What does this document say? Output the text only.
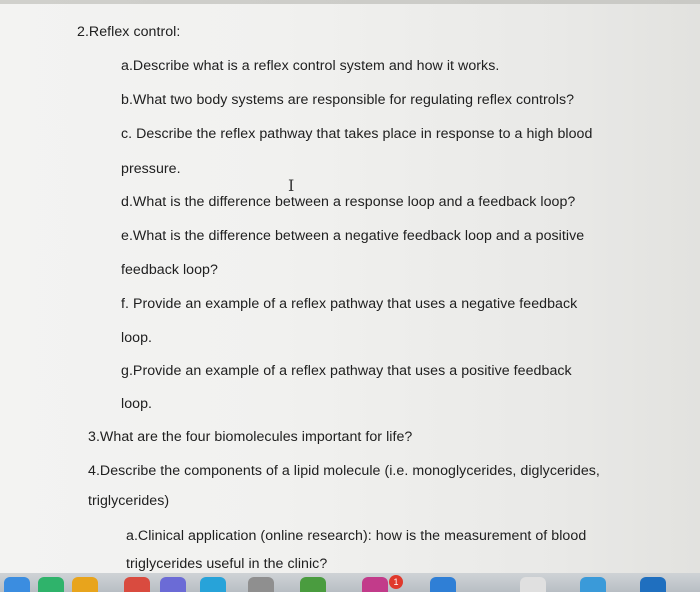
2.Reflex control:
a.Describe what is a reflex control system and how it works.
b.What two body systems are responsible for regulating reflex controls?
c. Describe the reflex pathway that takes place in response to a high blood
pressure.
d.What is the difference between a response loop and a feedback loop?
e.What is the difference between a negative feedback loop and a positive
feedback loop?
f. Provide an example of a reflex pathway that uses a negative feedback
loop.
g.Provide an example of a reflex pathway that uses a positive feedback
loop.
3.What are the four biomolecules important for life?
4.Describe the components of a lipid molecule (i.e. monoglycerides, diglycerides,
triglycerides)
a.Clinical application (online research): how is the measurement of blood
triglycerides useful in the clinic?
I
1
